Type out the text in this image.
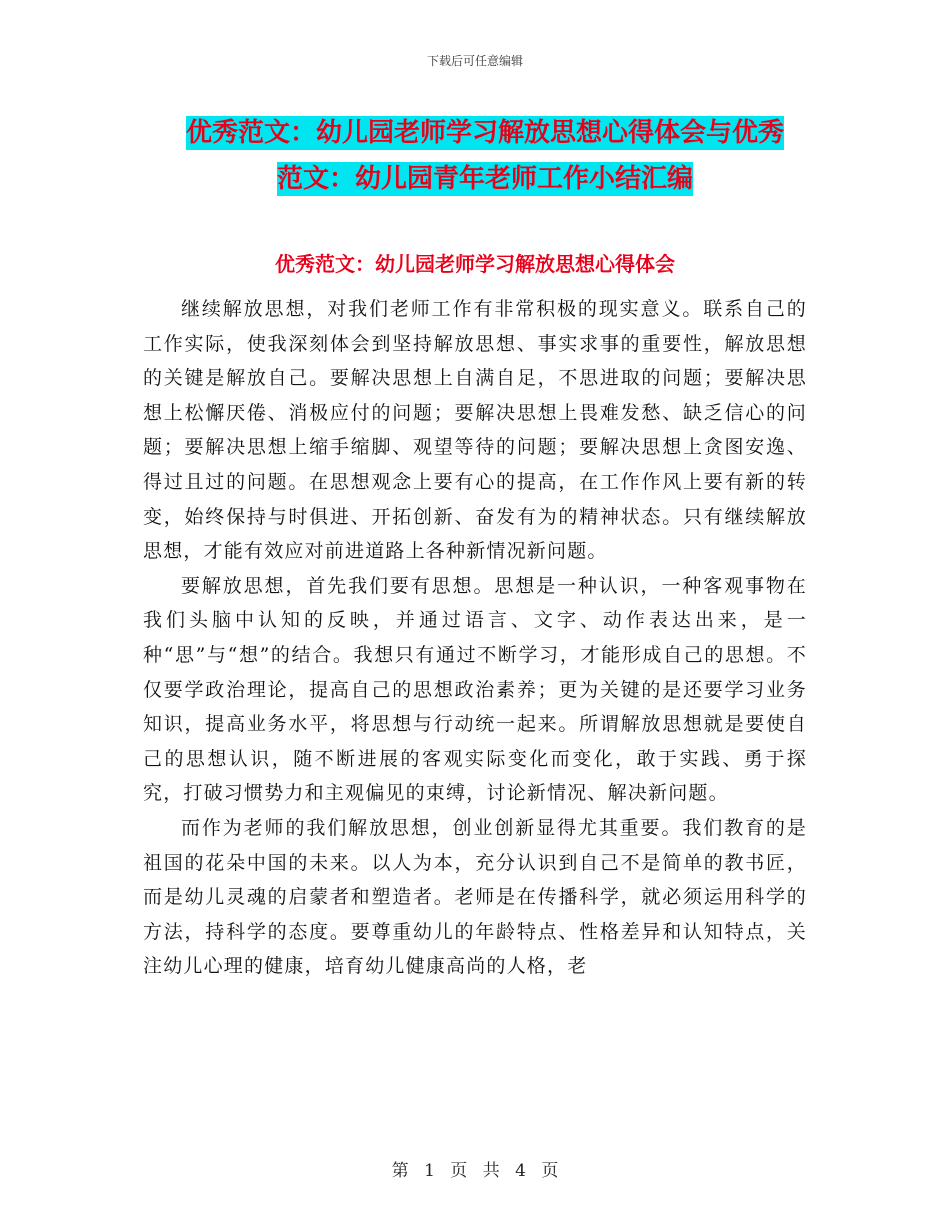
下载后可任意编辑
优秀范文：幼儿园老师学习解放思想心得体会与优秀
范文：幼儿园青年老师工作小结汇编
优秀范文：幼儿园老师学习解放思想心得体会

继续解放思想，对我们老师工作有非常积极的现实意义。联系自己的工作实际，使我深刻体会到坚持解放思想、事实求事的重要性，解放思想的关键是解放自己。要解决思想上自满自足，不思进取的问题；要解决思想上松懈厌倦、消极应付的问题；要解决思想上畏难发愁、缺乏信心的问题；要解决思想上缩手缩脚、观望等待的问题；要解决思想上贪图安逸、得过且过的问题。在思想观念上要有心的提高，在工作作风上要有新的转变，始终保持与时俱进、开拓创新、奋发有为的精神状态。只有继续解放思想，才能有效应对前进道路上各种新情况新问题。

要解放思想，首先我们要有思想。思想是一种认识，一种客观事物在我们头脑中认知的反映，并通过语言、文字、动作表达出来，是一种“思”与“想”的结合。我想只有通过不断学习，才能形成自己的思想。不仅要学政治理论，提高自己的思想政治素养；更为关键的是还要学习业务知识，提高业务水平，将思想与行动统一起来。所谓解放思想就是要使自己的思想认识，随不断进展的客观实际变化而变化，敢于实践、勇于探究，打破习惯势力和主观偏见的束缚，讨论新情况、解决新问题。

而作为老师的我们解放思想，创业创新显得尤其重要。我们教育的是祖国的花朵中国的未来。以人为本，充分认识到自己不是简单的教书匠，而是幼儿灵魂的启蒙者和塑造者。老师是在传播科学，就必须运用科学的方法，持科学的态度。要尊重幼儿的年龄特点、性格差异和认知特点，关注幼儿心理的健康，培育幼儿健康高尚的人格，老

第 1 页 共 4 页
